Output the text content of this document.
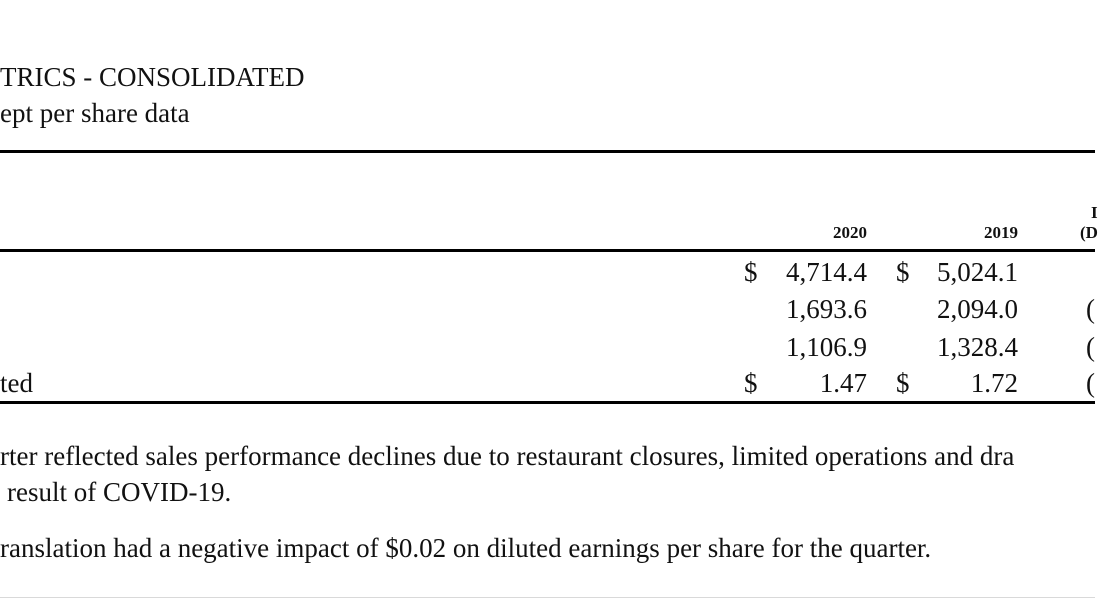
TRICS - CONSOLIDATED
ept per share data
I
2020	2019	(D
$ 4,714.4 $ 5,024.1
1,693.6	2,094.0	(
1,106.9	1,328.4	(
ted	$ 1.47 $ 1.72	(
rter reflected sales performance declines due to restaurant closures, limited operations and dra
result of COVID-19.
ranslation had a negative impact of $0.02 on diluted earnings per share for the quarter.
